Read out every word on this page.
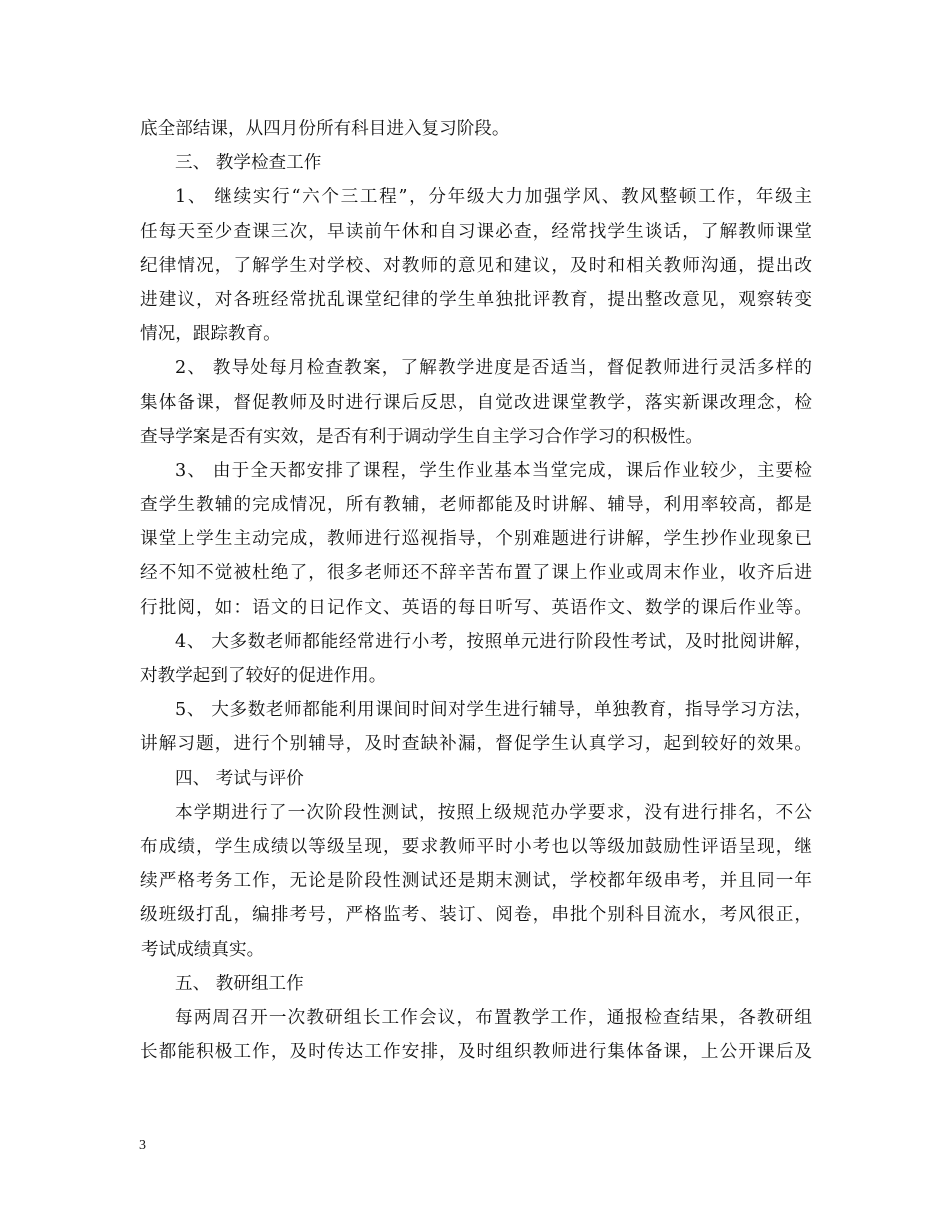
底全部结课，从四月份所有科目进入复习阶段。
三、 教学检查工作
1、 继续实行“六个三工程”，分年级大力加强学风、教风整顿工作，年级主
任每天至少查课三次，早读前午休和自习课必查，经常找学生谈话，了解教师课堂
纪律情况，了解学生对学校、对教师的意见和建议，及时和相关教师沟通，提出改
进建议，对各班经常扰乱课堂纪律的学生单独批评教育，提出整改意见，观察转变
情况，跟踪教育。
2、 教导处每月检查教案，了解教学进度是否适当，督促教师进行灵活多样的
集体备课，督促教师及时进行课后反思，自觉改进课堂教学，落实新课改理念，检
查导学案是否有实效，是否有利于调动学生自主学习合作学习的积极性。
3、 由于全天都安排了课程，学生作业基本当堂完成，课后作业较少，主要检
查学生教辅的完成情况，所有教辅，老师都能及时讲解、辅导，利用率较高，都是
课堂上学生主动完成，教师进行巡视指导，个别难题进行讲解，学生抄作业现象已
经不知不觉被杜绝了，很多老师还不辞辛苦布置了课上作业或周末作业，收齐后进
行批阅，如：语文的日记作文、英语的每日听写、英语作文、数学的课后作业等。
4、 大多数老师都能经常进行小考，按照单元进行阶段性考试，及时批阅讲解，
对教学起到了较好的促进作用。
5、 大多数老师都能利用课间时间对学生进行辅导，单独教育，指导学习方法，
讲解习题，进行个别辅导，及时查缺补漏，督促学生认真学习，起到较好的效果。
四、 考试与评价
本学期进行了一次阶段性测试，按照上级规范办学要求，没有进行排名，不公
布成绩，学生成绩以等级呈现，要求教师平时小考也以等级加鼓励性评语呈现，继
续严格考务工作，无论是阶段性测试还是期末测试，学校都年级串考，并且同一年
级班级打乱，编排考号，严格监考、装订、阅卷，串批个别科目流水，考风很正，
考试成绩真实。
五、 教研组工作
每两周召开一次教研组长工作会议，布置教学工作，通报检查结果，各教研组
长都能积极工作，及时传达工作安排，及时组织教师进行集体备课，上公开课后及
3
